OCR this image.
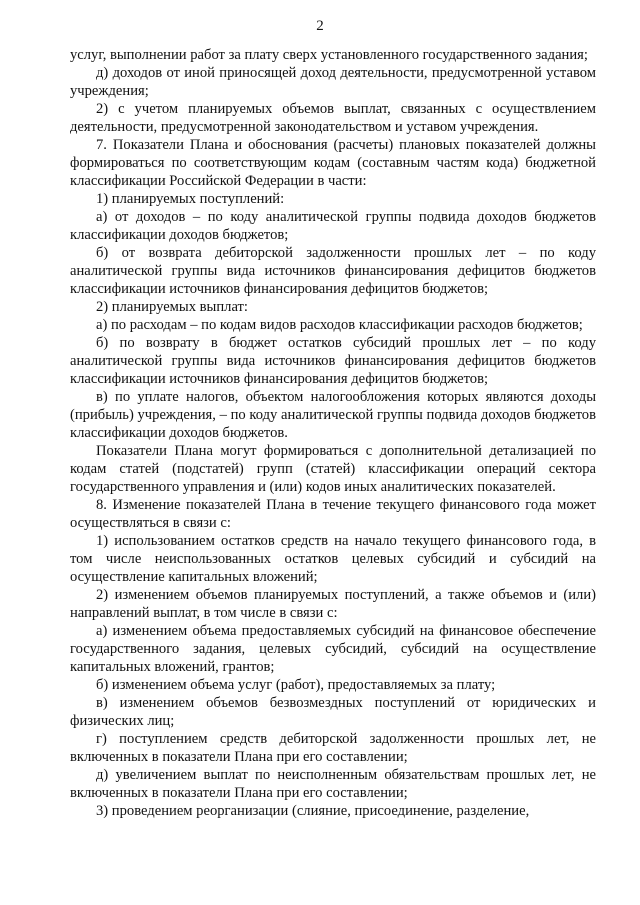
2

услуг, выполнении работ за плату сверх установленного государственного задания;

д) доходов от иной приносящей доход деятельности, предусмотренной уставом учреждения;

2) с учетом планируемых объемов выплат, связанных с осуществлением деятельности, предусмотренной законодательством и уставом учреждения.

7. Показатели Плана и обоснования (расчеты) плановых показателей должны формироваться по соответствующим кодам (составным частям кода) бюджетной классификации Российской Федерации в части:

1) планируемых поступлений:

а) от доходов – по коду аналитической группы подвида доходов бюджетов классификации доходов бюджетов;

б) от возврата дебиторской задолженности прошлых лет – по коду аналитической группы вида источников финансирования дефицитов бюджетов классификации источников финансирования дефицитов бюджетов;

2) планируемых выплат:

а) по расходам – по кодам видов расходов классификации расходов бюджетов;

б) по возврату в бюджет остатков субсидий прошлых лет – по коду аналитической группы вида источников финансирования дефицитов бюджетов классификации источников финансирования дефицитов бюджетов;

в) по уплате налогов, объектом налогообложения которых являются доходы (прибыль) учреждения, – по коду аналитической группы подвида доходов бюджетов классификации доходов бюджетов.

Показатели Плана могут формироваться с дополнительной детализацией по кодам статей (подстатей) групп (статей) классификации операций сектора государственного управления и (или) кодов иных аналитических показателей.

8. Изменение показателей Плана в течение текущего финансового года может осуществляться в связи с:

1) использованием остатков средств на начало текущего финансового года, в том числе неиспользованных остатков целевых субсидий и субсидий на осуществление капитальных вложений;

2) изменением объемов планируемых поступлений, а также объемов и (или) направлений выплат, в том числе в связи с:

а) изменением объема предоставляемых субсидий на финансовое обеспечение государственного задания, целевых субсидий, субсидий на осуществление капитальных вложений, грантов;

б) изменением объема услуг (работ), предоставляемых за плату;

в) изменением объемов безвозмездных поступлений от юридических и физических лиц;

г) поступлением средств дебиторской задолженности прошлых лет, не включенных в показатели Плана при его составлении;

д) увеличением выплат по неисполненным обязательствам прошлых лет, не включенных в показатели Плана при его составлении;

3) проведением реорганизации (слияние, присоединение, разделение,
